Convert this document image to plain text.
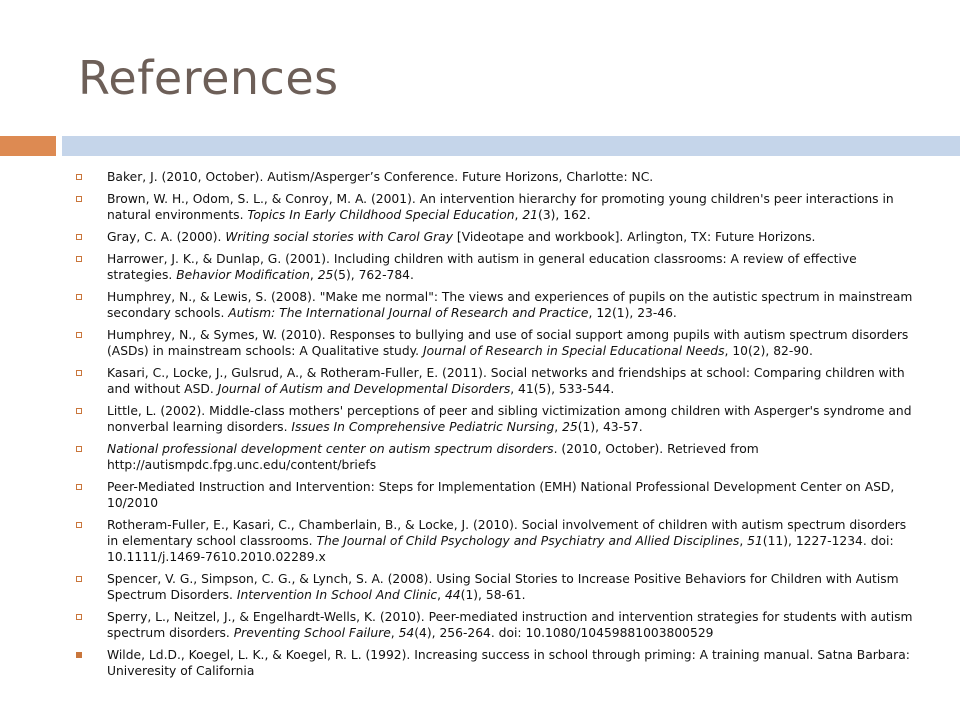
References
Baker, J. (2010, October). Autism/Asperger’s Conference. Future Horizons, Charlotte: NC.
Brown, W. H., Odom, S. L., & Conroy, M. A. (2001). An intervention hierarchy for promoting young children's peer interactions in natural environments. Topics In Early Childhood Special Education, 21(3), 162.
Gray, C. A. (2000). Writing social stories with Carol Gray [Videotape and workbook]. Arlington, TX: Future Horizons.
Harrower, J. K., & Dunlap, G. (2001). Including children with autism in general education classrooms: A review of effective strategies. Behavior Modification, 25(5), 762-784.
Humphrey, N., & Lewis, S. (2008). "Make me normal": The views and experiences of pupils on the autistic spectrum in mainstream secondary schools. Autism: The International Journal of Research and Practice, 12(1), 23-46.
Humphrey, N., & Symes, W. (2010). Responses to bullying and use of social support among pupils with autism spectrum disorders (ASDs) in mainstream schools: A Qualitative study. Journal of Research in Special Educational Needs, 10(2), 82-90.
Kasari, C., Locke, J., Gulsrud, A., & Rotheram-Fuller, E. (2011). Social networks and friendships at school: Comparing children with and without ASD. Journal of Autism and Developmental Disorders, 41(5), 533-544.
Little, L. (2002). Middle-class mothers' perceptions of peer and sibling victimization among children with Asperger's syndrome and nonverbal learning disorders. Issues In Comprehensive Pediatric Nursing, 25(1), 43-57.
National professional development center on autism spectrum disorders. (2010, October). Retrieved from http://autismpdc.fpg.unc.edu/content/briefs
Peer-Mediated Instruction and Intervention: Steps for Implementation (EMH) National Professional Development Center on ASD, 10/2010
Rotheram-Fuller, E., Kasari, C., Chamberlain, B., & Locke, J. (2010). Social involvement of children with autism spectrum disorders in elementary school classrooms. The Journal of Child Psychology and Psychiatry and Allied Disciplines, 51(11), 1227-1234. doi: 10.1111/j.1469-7610.2010.02289.x
Spencer, V. G., Simpson, C. G., & Lynch, S. A. (2008). Using Social Stories to Increase Positive Behaviors for Children with Autism Spectrum Disorders. Intervention In School And Clinic, 44(1), 58-61.
Sperry, L., Neitzel, J., & Engelhardt-Wells, K. (2010). Peer-mediated instruction and intervention strategies for students with autism spectrum disorders. Preventing School Failure, 54(4), 256-264. doi: 10.1080/10459881003800529
Wilde, Ld.D., Koegel, L. K., & Koegel, R. L. (1992). Increasing success in school through priming: A training manual. Satna Barbara: Univeresity of California
